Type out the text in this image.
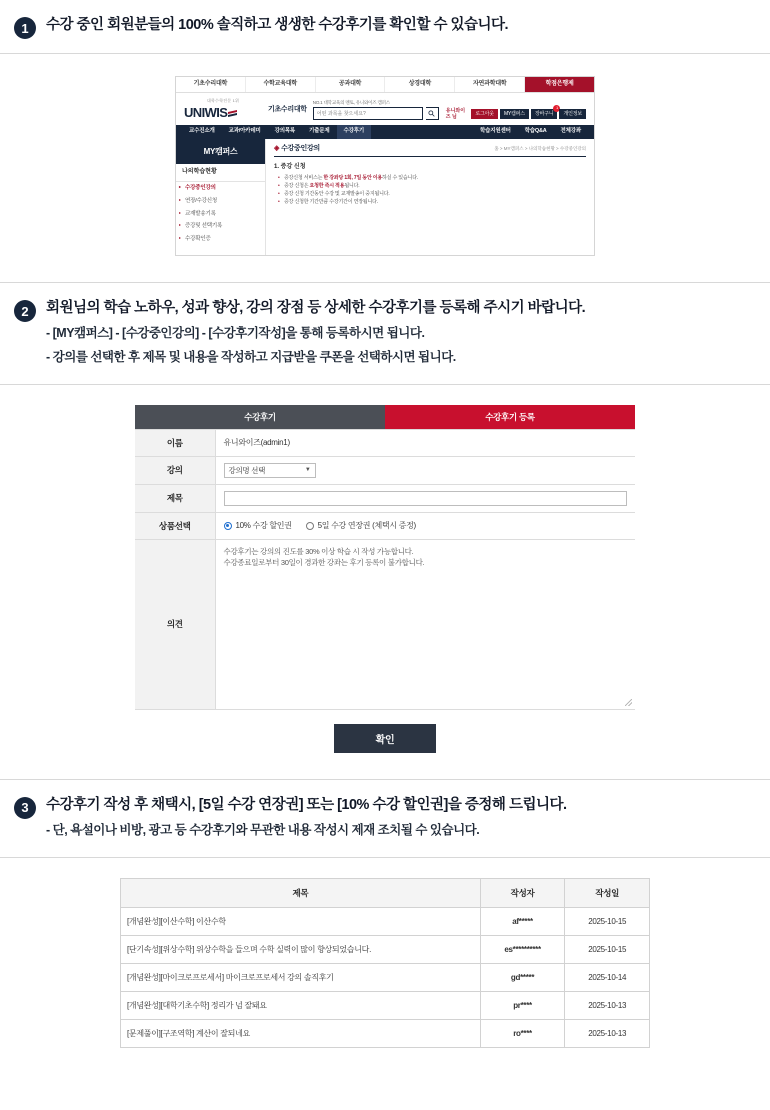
1	수강 중인 회원분들의 100% 솔직하고 생생한 수강후기를 확인할 수 있습니다.
기초수리대학	수학교육대학	공과대학	상경대학	자연과학대학	학점은행제
대학수학전문 1위
UNIWIS	기초수리대학
NO.1 대학교육의 멘토, 유니와이즈 캠퍼스
어떤 과목을 찾으세요?	유니와이즈 님	로그아웃	MY캠퍼스	장바구니
1
개인정보
교수진소개	교과/아카데미	강의목록	기출문제	수강후기	학습지원센터	학습Q&A	전체강좌
MY캠퍼스
나의학습현황
▸ 수강중인강의
▸ 연장/수강신청
▸ 교재발송기록
▸ 증강및 선택기록
▸ 수강확인증
◈ 수강중인강의	홈 > MY캠퍼스 > 나의학습현황 > 수강중인강의
1. 증강 신청
• 증강신청 서비스는 한 강좌당 1회, 7일 동안 이용하실 수 있습니다.
• 증강 신청은 요청한 즉시 적용됩니다.
• 증강 신청 기간동안 수강 및 교재발송이 중지됩니다.
• 증강 신청한 기간만큼 수강기간이 연장됩니다.
2	회원님의 학습 노하우, 성과 향상, 강의 장점 등 상세한 수강후기를 등록해 주시기 바랍니다.
- [MY캠퍼스] - [수강중인강의] - [수강후기작성]을 통해 등록하시면 됩니다.
- 강의를 선택한 후 제목 및 내용을 작성하고 지급받을 쿠폰을 선택하시면 됩니다.
수강후기	수강후기 등록
이름	유니와이즈(admin1)
강의	강의명 선택 ▼

제목	

상품선택	10% 수강 할인권 5일 수강 연장권 (체택시 증정)

의견	수강후기는 강의의 진도를 30% 이상 학습 시 작성 가능합니다.
수강종료일로부터 30일이 경과한 강좌는 후기 등록이 불가합니다.
확인
3	수강후기 작성 후 채택시, [5일 수강 연장권] 또는 [10% 수강 할인권]을 증정해 드립니다.
- 단, 욕설이나 비방, 광고 등 수강후기와 무관한 내용 작성시 제재 조치될 수 있습니다.
제목	작성자	작성일
[개념완성][이산수학] 이산수학	af*****	2025-10-15
[단기속성][위상수학] 위상수학을 들으며 수학 실력이 많이 향상되었습니다.	es**********	2025-10-15
[개념완성][마이크로프로세서] 마이크로프로세서 강의 솔직후기	gd*****	2025-10-14
[개념완성][대학기초수학] 정리가 넘 잘돼요	pr****	2025-10-13
[문제풀이][구조역학] 계산이 잘되네요	ro****	2025-10-13
